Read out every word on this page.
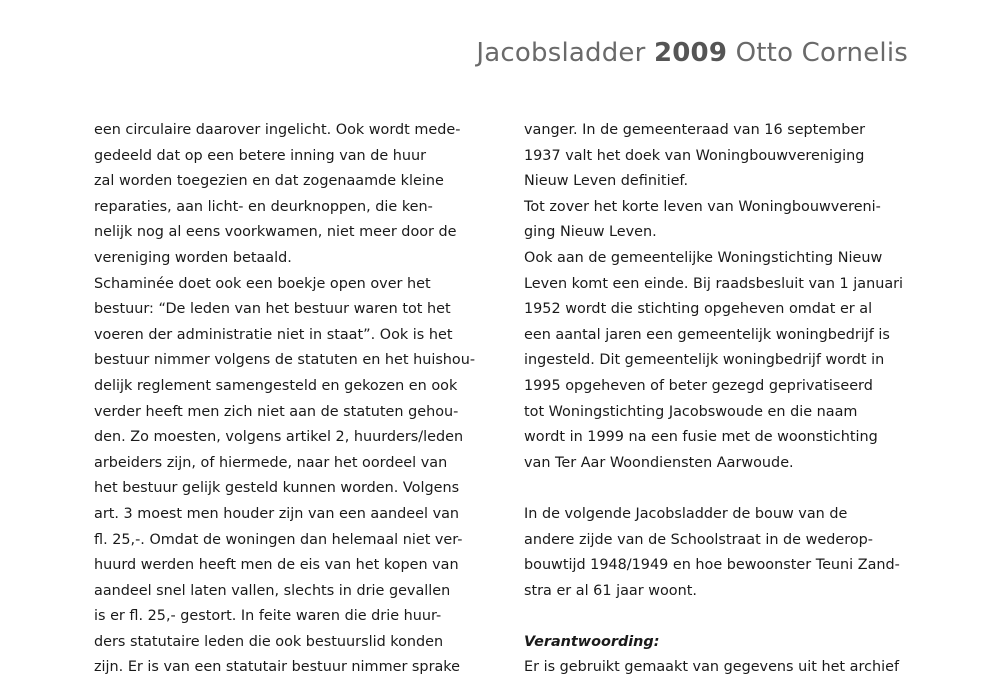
Jacobsladder 2009 Otto Cornelis
een circulaire daarover ingelicht. Ook wordt mede-
gedeeld dat op een betere inning van de huur
zal worden toegezien en dat zogenaamde kleine
reparaties, aan licht- en deurknoppen, die ken-
nelijk nog al eens voorkwamen, niet meer door de
vereniging worden betaald.
Schaminée doet ook een boekje open over het
bestuur: “De leden van het bestuur waren tot het
voeren der administratie niet in staat”. Ook is het
bestuur nimmer volgens de statuten en het huishou-
delijk reglement samengesteld en gekozen en ook
verder heeft men zich niet aan de statuten gehou-
den. Zo moesten, volgens artikel 2, huurders/leden
arbeiders zijn, of hiermede, naar het oordeel van
het bestuur gelijk gesteld kunnen worden. Volgens
art. 3 moest men houder zijn van een aandeel van
fl. 25,-. Omdat de woningen dan helemaal niet ver-
huurd werden heeft men de eis van het kopen van
aandeel snel laten vallen, slechts in drie gevallen
is er fl. 25,- gestort. In feite waren die drie huur-
ders statutaire leden die ook bestuurslid konden
zijn. Er is van een statutair bestuur nimmer sprake
vanger. In de gemeenteraad van 16 september
1937 valt het doek van Woningbouwvereniging
Nieuw Leven definitief.
Tot zover het korte leven van Woningbouwvereni-
ging Nieuw Leven.
Ook aan de gemeentelijke Woningstichting Nieuw
Leven komt een einde. Bij raadsbesluit van 1 januari
1952 wordt die stichting opgeheven omdat er al
een aantal jaren een gemeentelijk woningbedrijf is
ingesteld. Dit gemeentelijk woningbedrijf wordt in
1995 opgeheven of beter gezegd geprivatiseerd
tot Woningstichting Jacobswoude en die naam
wordt in 1999 na een fusie met de woonstichting
van Ter Aar Woondiensten Aarwoude.
In de volgende Jacobsladder de bouw van de
andere zijde van de Schoolstraat in de wederop-
bouwtijd 1948/1949 en hoe bewoonster Teuni Zand-
stra er al 61 jaar woont.
Verantwoording:
Er is gebruikt gemaakt van gegevens uit het archief
